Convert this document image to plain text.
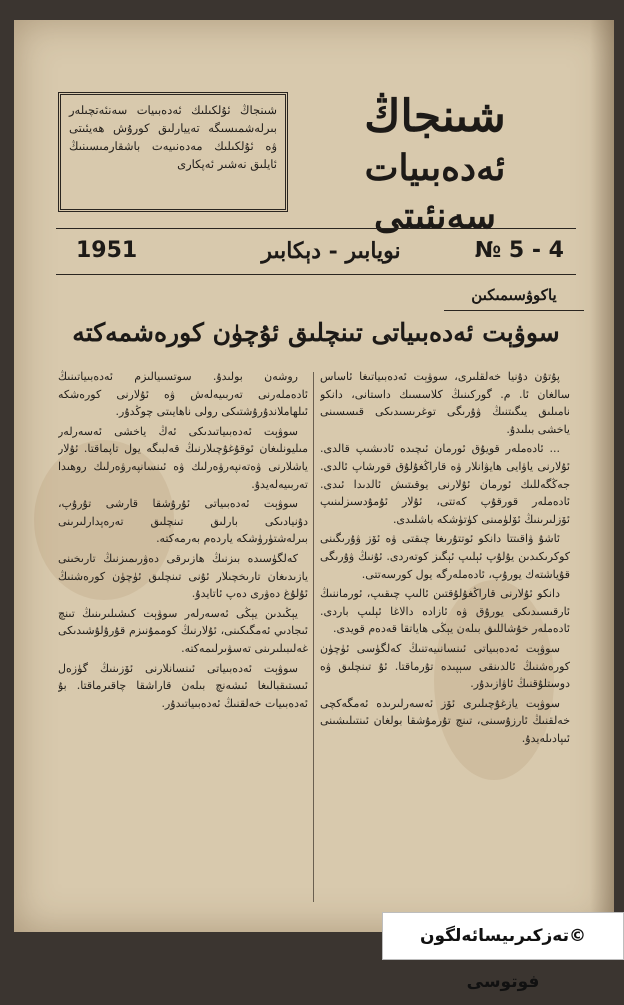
شىنجاڭ
ئەدەبىيات سەنئىتى
شىنجاڭ ئۇلكىلىك ئەدەبىيات سەنئەتچىلەر بىرلەشمىسىگە تەييارلىق كورۇش ھەيئىتى ۋە ئۇلكىلىك مەدەنىيەت باشقارمىسىنىڭ ئايلىق نەشىر ئەپكارى
№ 5 - 4
نويابىر - دېكابىر
1951
ياكوۋسىمىكىن
سوۋېت ئەدەبىياتى تىنچلىق ئۇچۈن كورەشمەكتە

پۇتۇن دۇنيا خەلقلىرى، سوۋېت ئەدەبىياتىغا ئاساس سالغان ئا. م. گوركىنىڭ كلاسسىك داستانى، دانكو نامىلىق يىگىتنىڭ ۋۇرىگى توغرىسىدىكى قىسسىنى ياخشى بىلىدۇ.

... ئادەملەر قويۇق ئورمان ئىچىدە ئادىشىپ قالدى. ئۇلارنى ياۋايى ھايۋانلار ۋە قاراڭغۇلۇق قورشاپ ئالدى. جەڭگەللىك ئورمان ئۇلارنى يوقىتىش ئالدىدا ئىدى. ئادەملەر قورقۇپ كەتتى، ئۇلار ئۇمۇدسىزلىنىپ ئۆزلىرىنىڭ ئۆلۈمىنى كۈتۈشكە باشلىدى.

ئاشۇ ۋاقىتتا دانكو ئوتتۇرىغا چىقتى ۋە ئۆز ۋۇرىگىنى كوكرىكىدىن يۇلۇپ ئېلىپ ئېگىز كوتەردى. ئۇنىڭ ۋۇرىگى قۇياشتەك يورۇپ، ئادەملەرگە يول كورسەتتى.

دانكو ئۇلارنى قاراڭغۇلۇقتىن ئالىپ چىقىپ، ئورماننىڭ ئارقىسىدىكى يورۇق ۋە ئازادە دالاغا ئېلىپ باردى. ئادەملەر خۇشاللىق بىلەن يېڭى ھاياتقا قەدەم قويدى.

سوۋېت ئەدەبىياتى ئىنسانىيەتنىڭ كەلگۈسى ئۈچۈن كورەشنىڭ ئالدىنقى سېپىدە تۇرماقتا. ئۇ تىنچلىق ۋە دوستلۇقنىڭ ئاۋازىدۇر.

سوۋېت يازغۇچىلىرى ئۆز ئەسەرلىرىدە ئەمگەكچى خەلقنىڭ ئارزۇسىنى، تىنچ تۇرمۇشقا بولغان ئىنتىلىشىنى ئىپادىلەيدۇ.

روشەن بولىدۇ. سوتسىيالىزم ئەدەبىياتىنىڭ ئادەملەرنى تەربىيەلەش ۋە ئۇلارنى كورەشكە ئىلھاملاندۇرۇشتىكى رولى ناھايىتى چوڭدۇر.

سوۋېت ئەدەبىياتىدىكى ئەڭ ياخشى ئەسەرلەر مىليونلىغان ئوقۇغۇچىلارنىڭ قەلبىگە يول تاپماقتا. ئۇلار ياشلارنى ۋەتەنپەرۋەرلىك ۋە ئىنسانپەرۋەرلىك روھىدا تەربىيەلەيدۇ.

سوۋېت ئەدەبىياتى ئۇرۇشقا قارشى تۇرۇپ، دۇنيادىكى بارلىق تىنچلىق تەرەپدارلىرىنى بىرلەشتۈرۈشكە ياردەم بەرمەكتە.

كەلگۈسىدە بىزنىڭ ھازىرقى دەۋرىمىزنىڭ تارىخىنى يازىدىغان تارىخچىلار ئۇنى تىنچلىق ئۈچۈن كورەشنىڭ ئۇلۇغ دەۋرى دەپ ئاتايدۇ.

يېڭىدىن يېڭى ئەسەرلەر سوۋېت كىشىلىرىنىڭ تىنچ ئىجادىي ئەمگىكىنى، ئۇلارنىڭ كوممۇنىزم قۇرۇلۇشىدىكى غەلىبىلىرىنى تەسۋىرلىمەكتە.

سوۋېت ئەدەبىياتى ئىنسانلارنى ئۆزىنىڭ گۈزەل ئىستىقبالىغا ئىشەنچ بىلەن قاراشقا چاقىرماقتا. بۇ ئەدەبىيات خەلقنىڭ ئەدەبىياتىدۇر.

©تەزكىرىيسائەلگون فوتوسى
